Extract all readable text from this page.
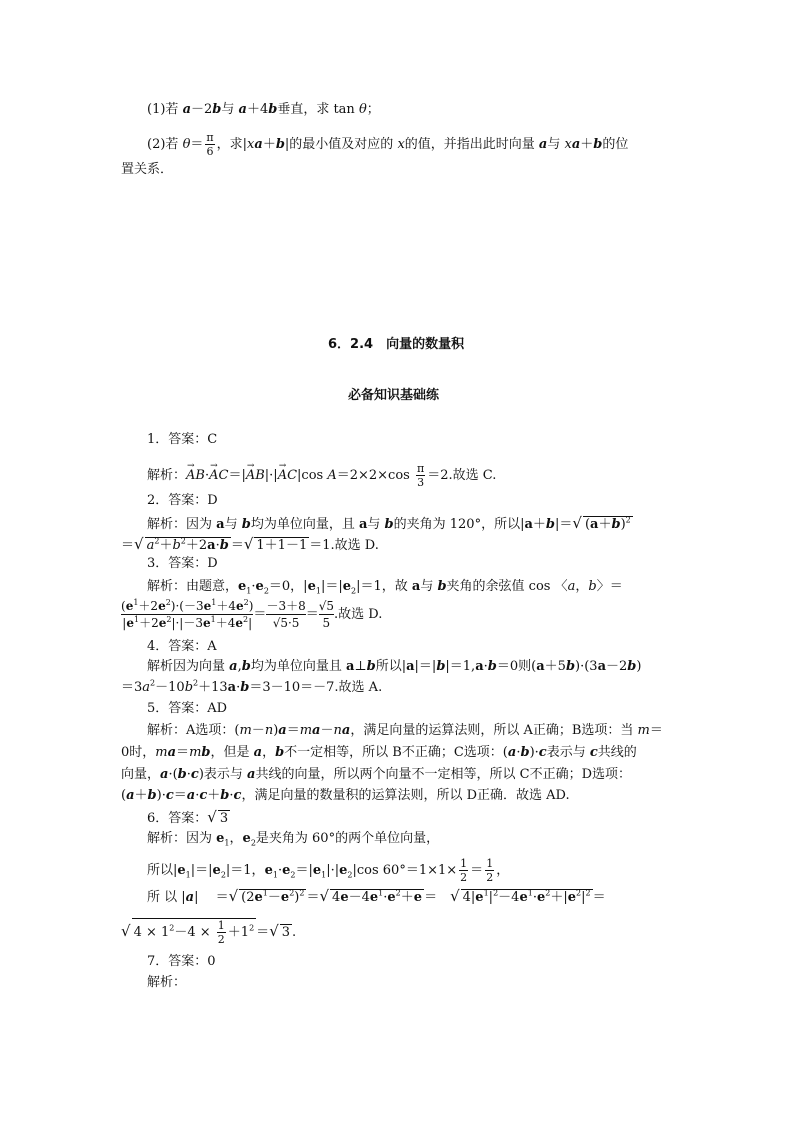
(1)若 a－2b与 a＋4b垂直，求 tan θ；
(2)若 $\theta= \frac{\pi}{6}$ ，求|xa＋b|的最小值及对应的 x的值，并指出此时向量 a与 xa＋b的位
置关系．
6．2.4　向量的数量积
必备知识基础练
1．答案：C
解析：→ AB·→ AC＝|→ AB|·|→ AC|cos $A=2\times 2\times\cos \frac{\pi}{3} =2$.故选 C.
2．答案：D
解析：因为 a与 b均为单位向量，且 a与 b的夹角为 120°，所以|a＋b|＝√ $(a+b)^2$
＝√ $a^2+b^2+2a\cdot b$ ＝√ 1＋1－1 ＝1.故选 D.
3．答案：D
解析：由题意，$e_1\cdot e_2=0$，$|e_1|=|e_2|=1$，故 a与 b夹角的余弦值 cos 〈a，b〉＝
$\frac{(e^1+2e^2)\cdot(-3e^1+4e^2)}{|e^1+2e^2|\cdot|-3e^1+4e^2|} = \frac{-3+8}{√5\cdot 5} = \frac{√5}{5}$ .故选 D.
4．答案：A
解析因为向量 a,b均为单位向量且 a⊥b所以|a|＝|b|＝1,a·b＝0则(a＋5b)·(3a－2b)
$=3a^2-10b^2+13a\cdot b=3-10=-7$.故选 A.
5．答案：AD
解析：A选项：(m－n)a＝ma－na，满足向量的运算法则，所以 A正确；B选项：当 m＝
0时，ma＝mb，但是 a，b不一定相等，所以 B不正确；C选项：(a·b)·c表示与 c共线的
向量，a·(b·c)表示与 a共线的向量，所以两个向量不一定相等，所以 C不正确；D选项：
(a＋b)·c＝a·c＋b·c，满足向量的数量积的运算法则，所以 D正确．故选 AD.
6．答案：√ 3
解析：因为 $e_1$，$e_2$是夹角为 60°的两个单位向量，
所以$|e_1|=|e_2|=1$，$e_1\cdot e_2=|e_1|\cdot|e_2|\cos$ $60^\circ=1\times 1\times \frac{1}{2} = \frac{1}{2}$ ，
所 以 |a|　 ＝√ $(2e^1-e^2)^2$ ＝√ $4e-4e^1\cdot e^2+e$ ＝　√ $4|e^1|^2-4e^1\cdot e^2+|e^2|^2$ ＝
√ $4 \times 1^2-4 \times \frac{1}{2} +1^2$ ＝√ 3 .
7．答案：0
解析：
